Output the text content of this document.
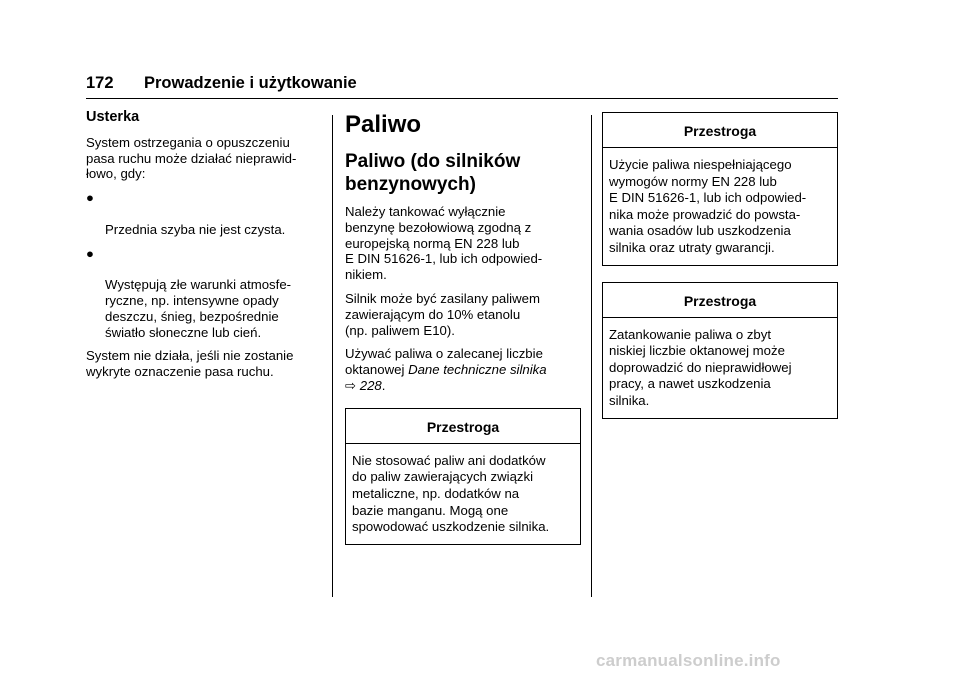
172 Prowadzenie i użytkowanie
Usterka

System ostrzegania o opuszczeniu
pasa ruchu może działać nieprawid-
łowo, gdy:

●

Przednia szyba nie jest czysta.

●

Występują złe warunki atmosfe-
ryczne, np. intensywne opady
deszczu, śnieg, bezpośrednie
światło słoneczne lub cień.

System nie działa, jeśli nie zostanie
wykryte oznaczenie pasa ruchu.

Paliwo
Paliwo (do silników
benzynowych)

Należy tankować wyłącznie
benzynę bezołowiową zgodną z
europejską normą EN 228 lub
E DIN 51626-1, lub ich odpowied-
nikiem.

Silnik może być zasilany paliwem
zawierającym do 10% etanolu
(np. paliwem E10).

Używać paliwa o zalecanej liczbie
oktanowej Dane techniczne silnika
⇨ 228.

Przestroga
Nie stosować paliw ani dodatków
do paliw zawierających związki
metaliczne, np. dodatków na
bazie manganu. Mogą one
spowodować uszkodzenie silnika.
Przestroga
Użycie paliwa niespełniającego
wymogów normy EN 228 lub
E DIN 51626-1, lub ich odpowied-
nika może prowadzić do powsta-
wania osadów lub uszkodzenia
silnika oraz utraty gwarancji.
Przestroga
Zatankowanie paliwa o zbyt
niskiej liczbie oktanowej może
doprowadzić do nieprawidłowej
pracy, a nawet uszkodzenia
silnika.
carmanualsonline.info
